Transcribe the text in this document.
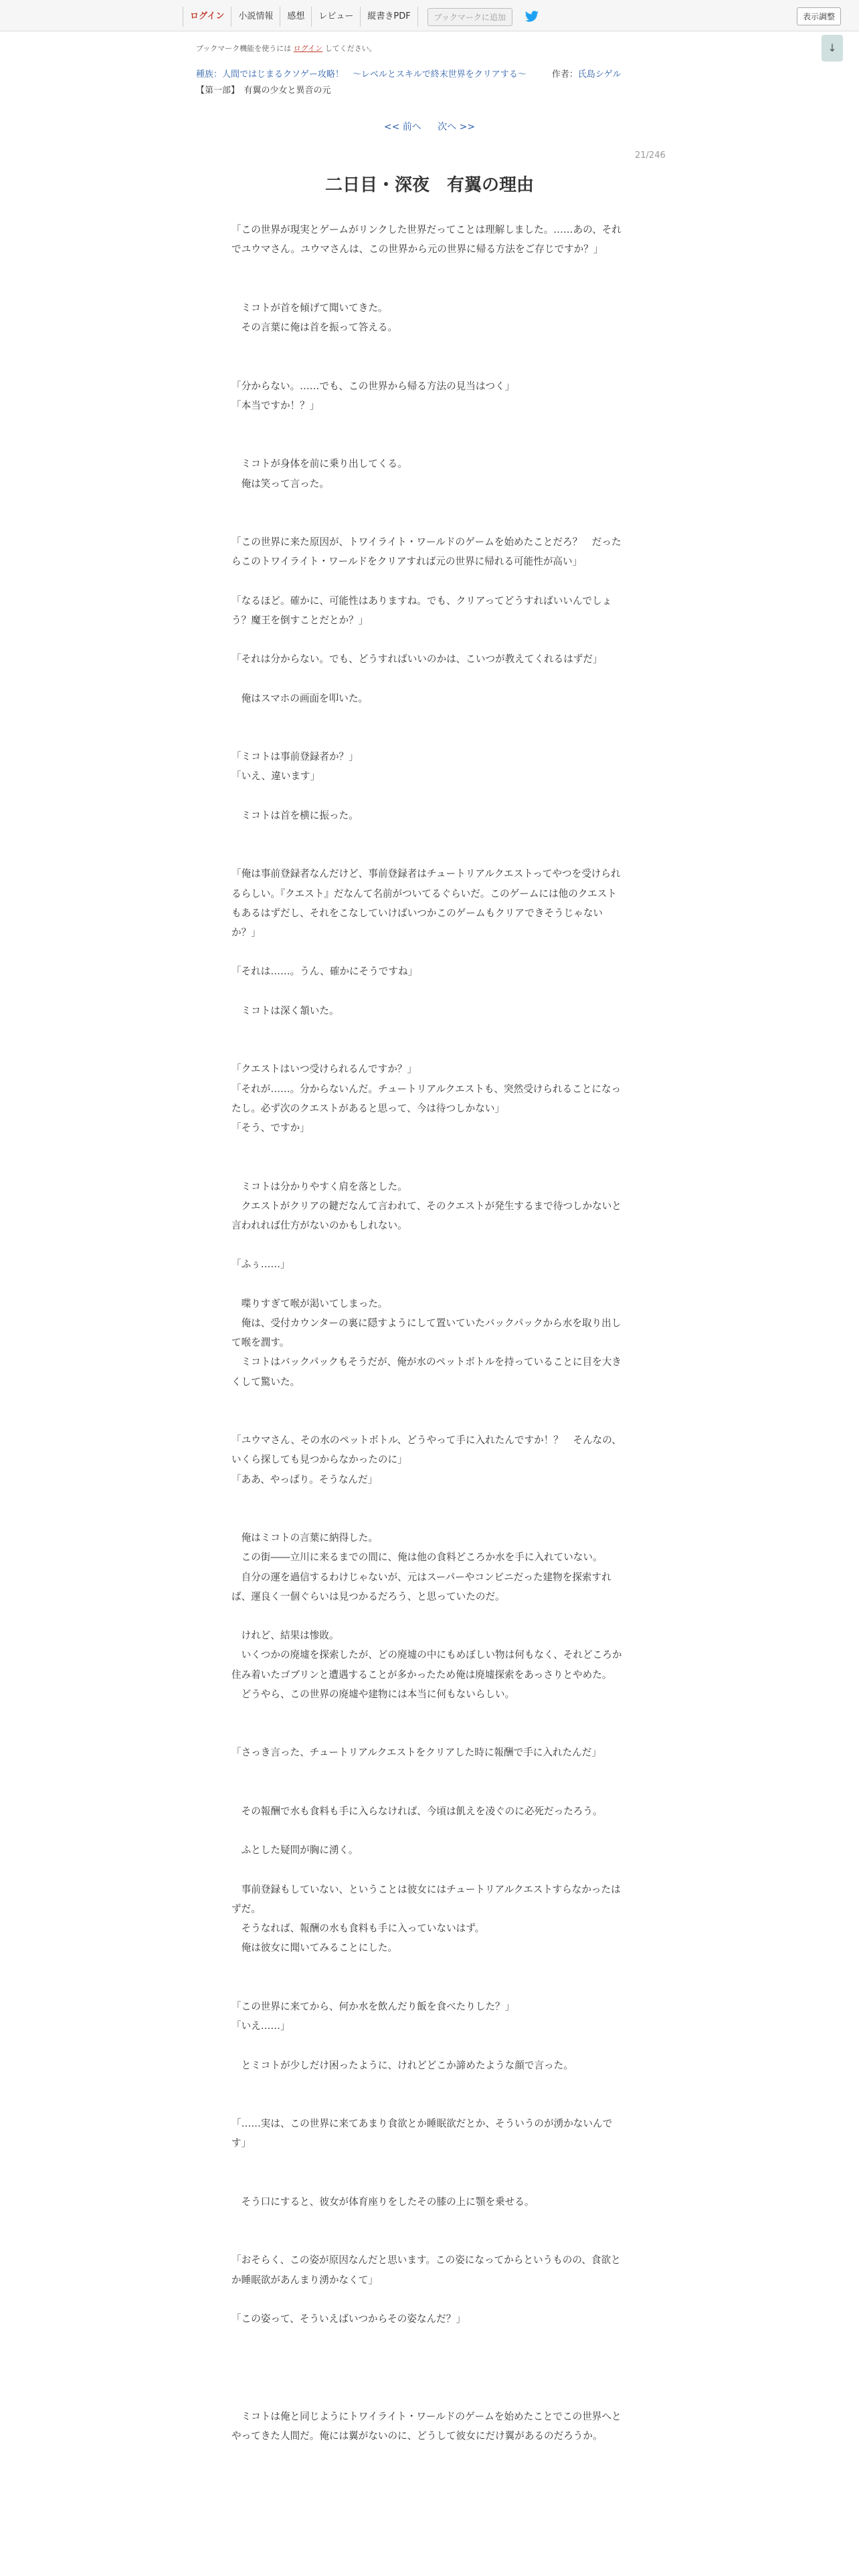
ログイン	小説情報	感想	レビュー	縦書きPDF	ブックマークに追加	表示調整
↓
ブックマーク機能を使うには ログイン してください。
種族：人間ではじまるクソゲー攻略！　～レベルとスキルで終末世界をクリアする～	作者：氏島シゲル
【第一部】　有翼の少女と異音の元
<< 前へ 次へ >>
21/246
二日目・深夜　有翼の理由

「この世界が現実とゲームがリンクした世界だってことは理解しました。……あの、それでユウマさん。ユウマさんは、この世界から元の世界に帰る方法をご存じですか？」

　ミコトが首を傾げて聞いてきた。

　その言葉に俺は首を振って答える。

「分からない。……でも、この世界から帰る方法の見当はつく」

「本当ですか！？」

　ミコトが身体を前に乗り出してくる。

　俺は笑って言った。

「この世界に来た原因が、トワイライト・ワールドのゲームを始めたことだろ？　だったらこのトワイライト・ワールドをクリアすれば元の世界に帰れる可能性が高い」

「なるほど。確かに、可能性はありますね。でも、クリアってどうすればいいんでしょう？魔王を倒すことだとか？」

「それは分からない。でも、どうすればいいのかは、こいつが教えてくれるはずだ」

　俺はスマホの画面を叩いた。

「ミコトは事前登録者か？」

「いえ、違います」

　ミコトは首を横に振った。

「俺は事前登録者なんだけど、事前登録者はチュートリアルクエストってやつを受けられるらしい。『クエスト』だなんて名前がついてるぐらいだ。このゲームには他のクエストもあるはずだし、それをこなしていけばいつかこのゲームもクリアできそうじゃないか？」

「それは……。うん、確かにそうですね」

　ミコトは深く頷いた。

「クエストはいつ受けられるんですか？」

「それが……。分からないんだ。チュートリアルクエストも、突然受けられることになったし。必ず次のクエストがあると思って、今は待つしかない」

「そう、ですか」

　ミコトは分かりやすく肩を落とした。

　クエストがクリアの鍵だなんて言われて、そのクエストが発生するまで待つしかないと言われれば仕方がないのかもしれない。

「ふぅ……」

　喋りすぎて喉が渇いてしまった。

　俺は、受付カウンターの裏に隠すようにして置いていたバックパックから水を取り出して喉を潤す。

　ミコトはバックパックもそうだが、俺が水のペットボトルを持っていることに目を大きくして驚いた。

「ユウマさん、その水のペットボトル、どうやって手に入れたんですか！？　そんなの、いくら探しても見つからなかったのに」

「ああ、やっぱり。そうなんだ」

　俺はミコトの言葉に納得した。

　この街――立川に来るまでの間に、俺は他の食料どころか水を手に入れていない。

　自分の運を過信するわけじゃないが、元はスーパーやコンビニだった建物を探索すれば、運良く一個ぐらいは見つかるだろう、と思っていたのだ。

　けれど、結果は惨敗。

　いくつかの廃墟を探索したが、どの廃墟の中にもめぼしい物は何もなく、それどころか住み着いたゴブリンと遭遇することが多かったため俺は廃墟探索をあっさりとやめた。

　どうやら、この世界の廃墟や建物には本当に何もないらしい。

「さっき言った、チュートリアルクエストをクリアした時に報酬で手に入れたんだ」

　その報酬で水も食料も手に入らなければ、今頃は飢えを凌ぐのに必死だったろう。

　ふとした疑問が胸に湧く。

　事前登録もしていない、ということは彼女にはチュートリアルクエストすらなかったはずだ。

　そうなれば、報酬の水も食料も手に入っていないはず。

　俺は彼女に聞いてみることにした。

「この世界に来てから、何か水を飲んだり飯を食べたりした？」

「いえ……」

　とミコトが少しだけ困ったように、けれどどこか諦めたような顔で言った。

「……実は、この世界に来てあまり食欲とか睡眠欲だとか、そういうのが湧かないんです」

　そう口にすると、彼女が体育座りをしたその膝の上に顎を乗せる。

「おそらく、この姿が原因なんだと思います。この姿になってからというものの、食欲とか睡眠欲があんまり湧かなくて」

「この姿って、そういえばいつからその姿なんだ？」

　ミコトは俺と同じようにトワイライト・ワールドのゲームを始めたことでこの世界へとやってきた人間だ。俺には翼がないのに、どうして彼女にだけ翼があるのだろうか。
